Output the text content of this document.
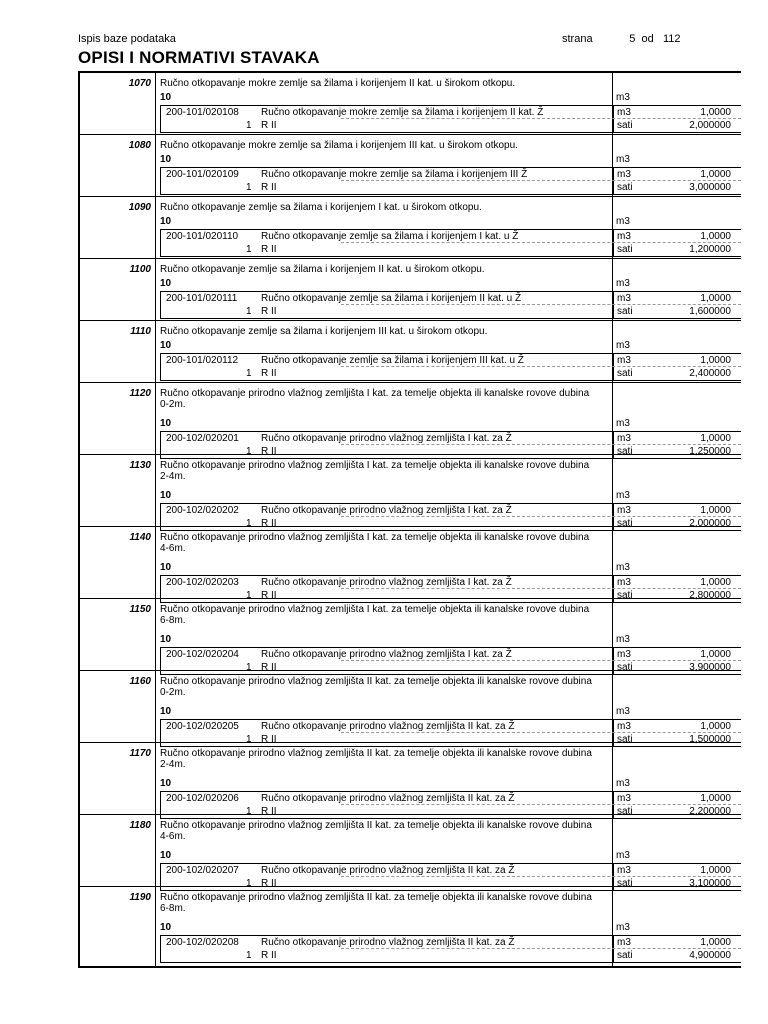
Ispis baze podataka	strana	5 od 112
OPISI I NORMATIVI STAVAKA
1070 Ručno otkopavanje mokre zemlje sa žilama i korijenjem II kat. u širokom otkopu.
10	m3
200-101/020108 Ručno otkopavanje mokre zemlje sa žilama i korijenjem II kat. Ž	m3	1,0000
1 R II	sati	2,000000
1080 Ručno otkopavanje mokre zemlje sa žilama i korijenjem III kat. u širokom otkopu.
10	m3
200-101/020109 Ručno otkopavanje mokre zemlje sa žilama i korijenjem III Ž	m3	1,0000
1 R II	sati	3,000000
1090 Ručno otkopavanje zemlje sa žilama i korijenjem I kat. u širokom otkopu.
10	m3
200-101/020110 Ručno otkopavanje zemlje sa žilama i korijenjem I kat. u Ž	m3	1,0000
1 R II	sati	1,200000
1100 Ručno otkopavanje zemlje sa žilama i korijenjem II kat. u širokom otkopu.
10	m3
200-101/020111 Ručno otkopavanje zemlje sa žilama i korijenjem II kat. u Ž	m3	1,0000
1 R II	sati	1,600000
1110 Ručno otkopavanje zemlje sa žilama i korijenjem III kat. u širokom otkopu.
10	m3
200-101/020112 Ručno otkopavanje zemlje sa žilama i korijenjem III kat. u Ž	m3	1,0000
1 R II	sati	2,400000
1120 Ručno otkopavanje prirodno vlažnog zemljišta I kat. za temelje objekta ili kanalske rovove dubina 0-2m.
10	m3
200-102/020201 Ručno otkopavanje prirodno vlažnog zemljišta I kat. za Ž	m3	1,0000
1 R II	sati	1,250000
1130 Ručno otkopavanje prirodno vlažnog zemljišta I kat. za temelje objekta ili kanalske rovove dubina 2-4m.
10	m3
200-102/020202 Ručno otkopavanje prirodno vlažnog zemljišta I kat. za Ž	m3	1,0000
1 R II	sati	2,000000
1140 Ručno otkopavanje prirodno vlažnog zemljišta I kat. za temelje objekta ili kanalske rovove dubina 4-6m.
10	m3
200-102/020203 Ručno otkopavanje prirodno vlažnog zemljišta I kat. za Ž	m3	1,0000
1 R II	sati	2,800000
1150 Ručno otkopavanje prirodno vlažnog zemljišta I kat. za temelje objekta ili kanalske rovove dubina 6-8m.
10	m3
200-102/020204 Ručno otkopavanje prirodno vlažnog zemljišta I kat. za Ž	m3	1,0000
1 R II	sati	3,900000
1160 Ručno otkopavanje prirodno vlažnog zemljišta II kat. za temelje objekta ili kanalske rovove dubina 0-2m.
10	m3
200-102/020205 Ručno otkopavanje prirodno vlažnog zemljišta II kat. za Ž	m3	1,0000
1 R II	sati	1,500000
1170 Ručno otkopavanje prirodno vlažnog zemljišta II kat. za temelje objekta ili kanalske rovove dubina 2-4m.
10	m3
200-102/020206 Ručno otkopavanje prirodno vlažnog zemljišta II kat. za Ž	m3	1,0000
1 R II	sati	2,200000
1180 Ručno otkopavanje prirodno vlažnog zemljišta II kat. za temelje objekta ili kanalske rovove dubina 4-6m.
10	m3
200-102/020207 Ručno otkopavanje prirodno vlažnog zemljišta II kat. za Ž	m3	1,0000
1 R II	sati	3,100000
1190 Ručno otkopavanje prirodno vlažnog zemljišta II kat. za temelje objekta ili kanalske rovove dubina 6-8m.
10	m3
200-102/020208 Ručno otkopavanje prirodno vlažnog zemljišta II kat. za Ž	m3	1,0000
1 R II	sati	4,900000
